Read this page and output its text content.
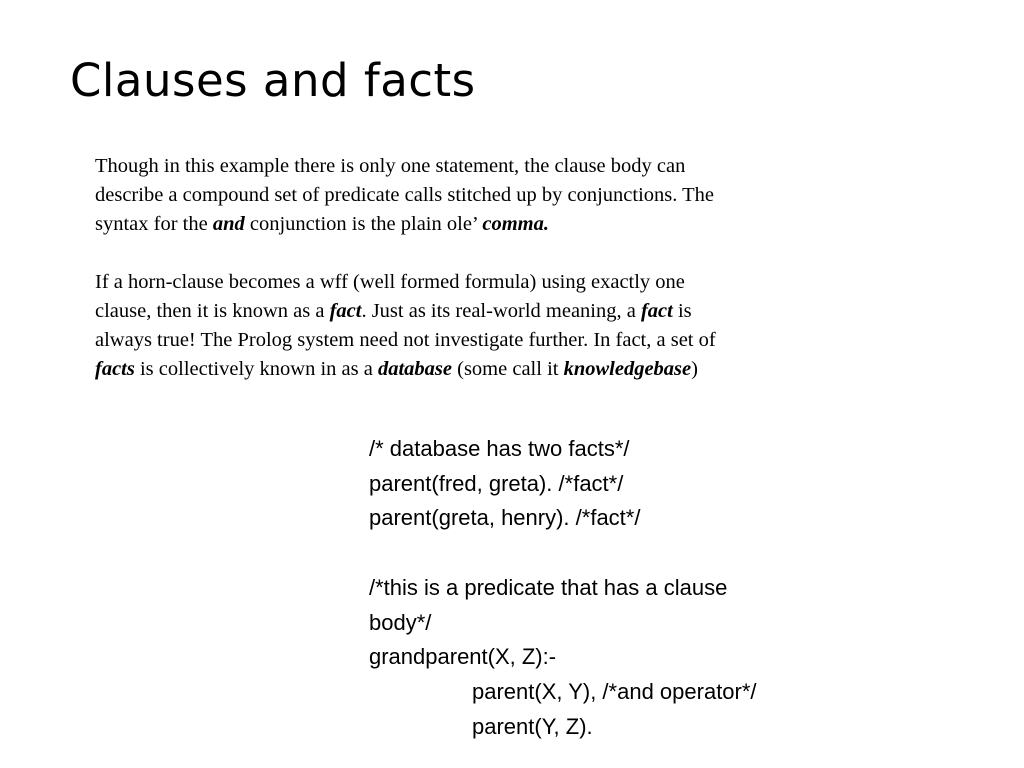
Clauses and facts
Though in this example there is only one statement, the clause body can
describe a compound set of predicate calls stitched up by conjunctions. The
syntax for the and conjunction is the plain ole’ comma.
If a horn-clause becomes a wff (well formed formula) using exactly one
clause, then it is known as a fact. Just as its real-world meaning, a fact is
always true! The Prolog system need not investigate further. In fact, a set of
facts is collectively known in as a database (some call it knowledgebase)
/* database has two facts*/
parent(fred, greta). /*fact*/
parent(greta, henry). /*fact*/
/*this is a predicate that has a clause
body*/
grandparent(X, Z):-
parent(X, Y), /*and operator*/
parent(Y, Z).
